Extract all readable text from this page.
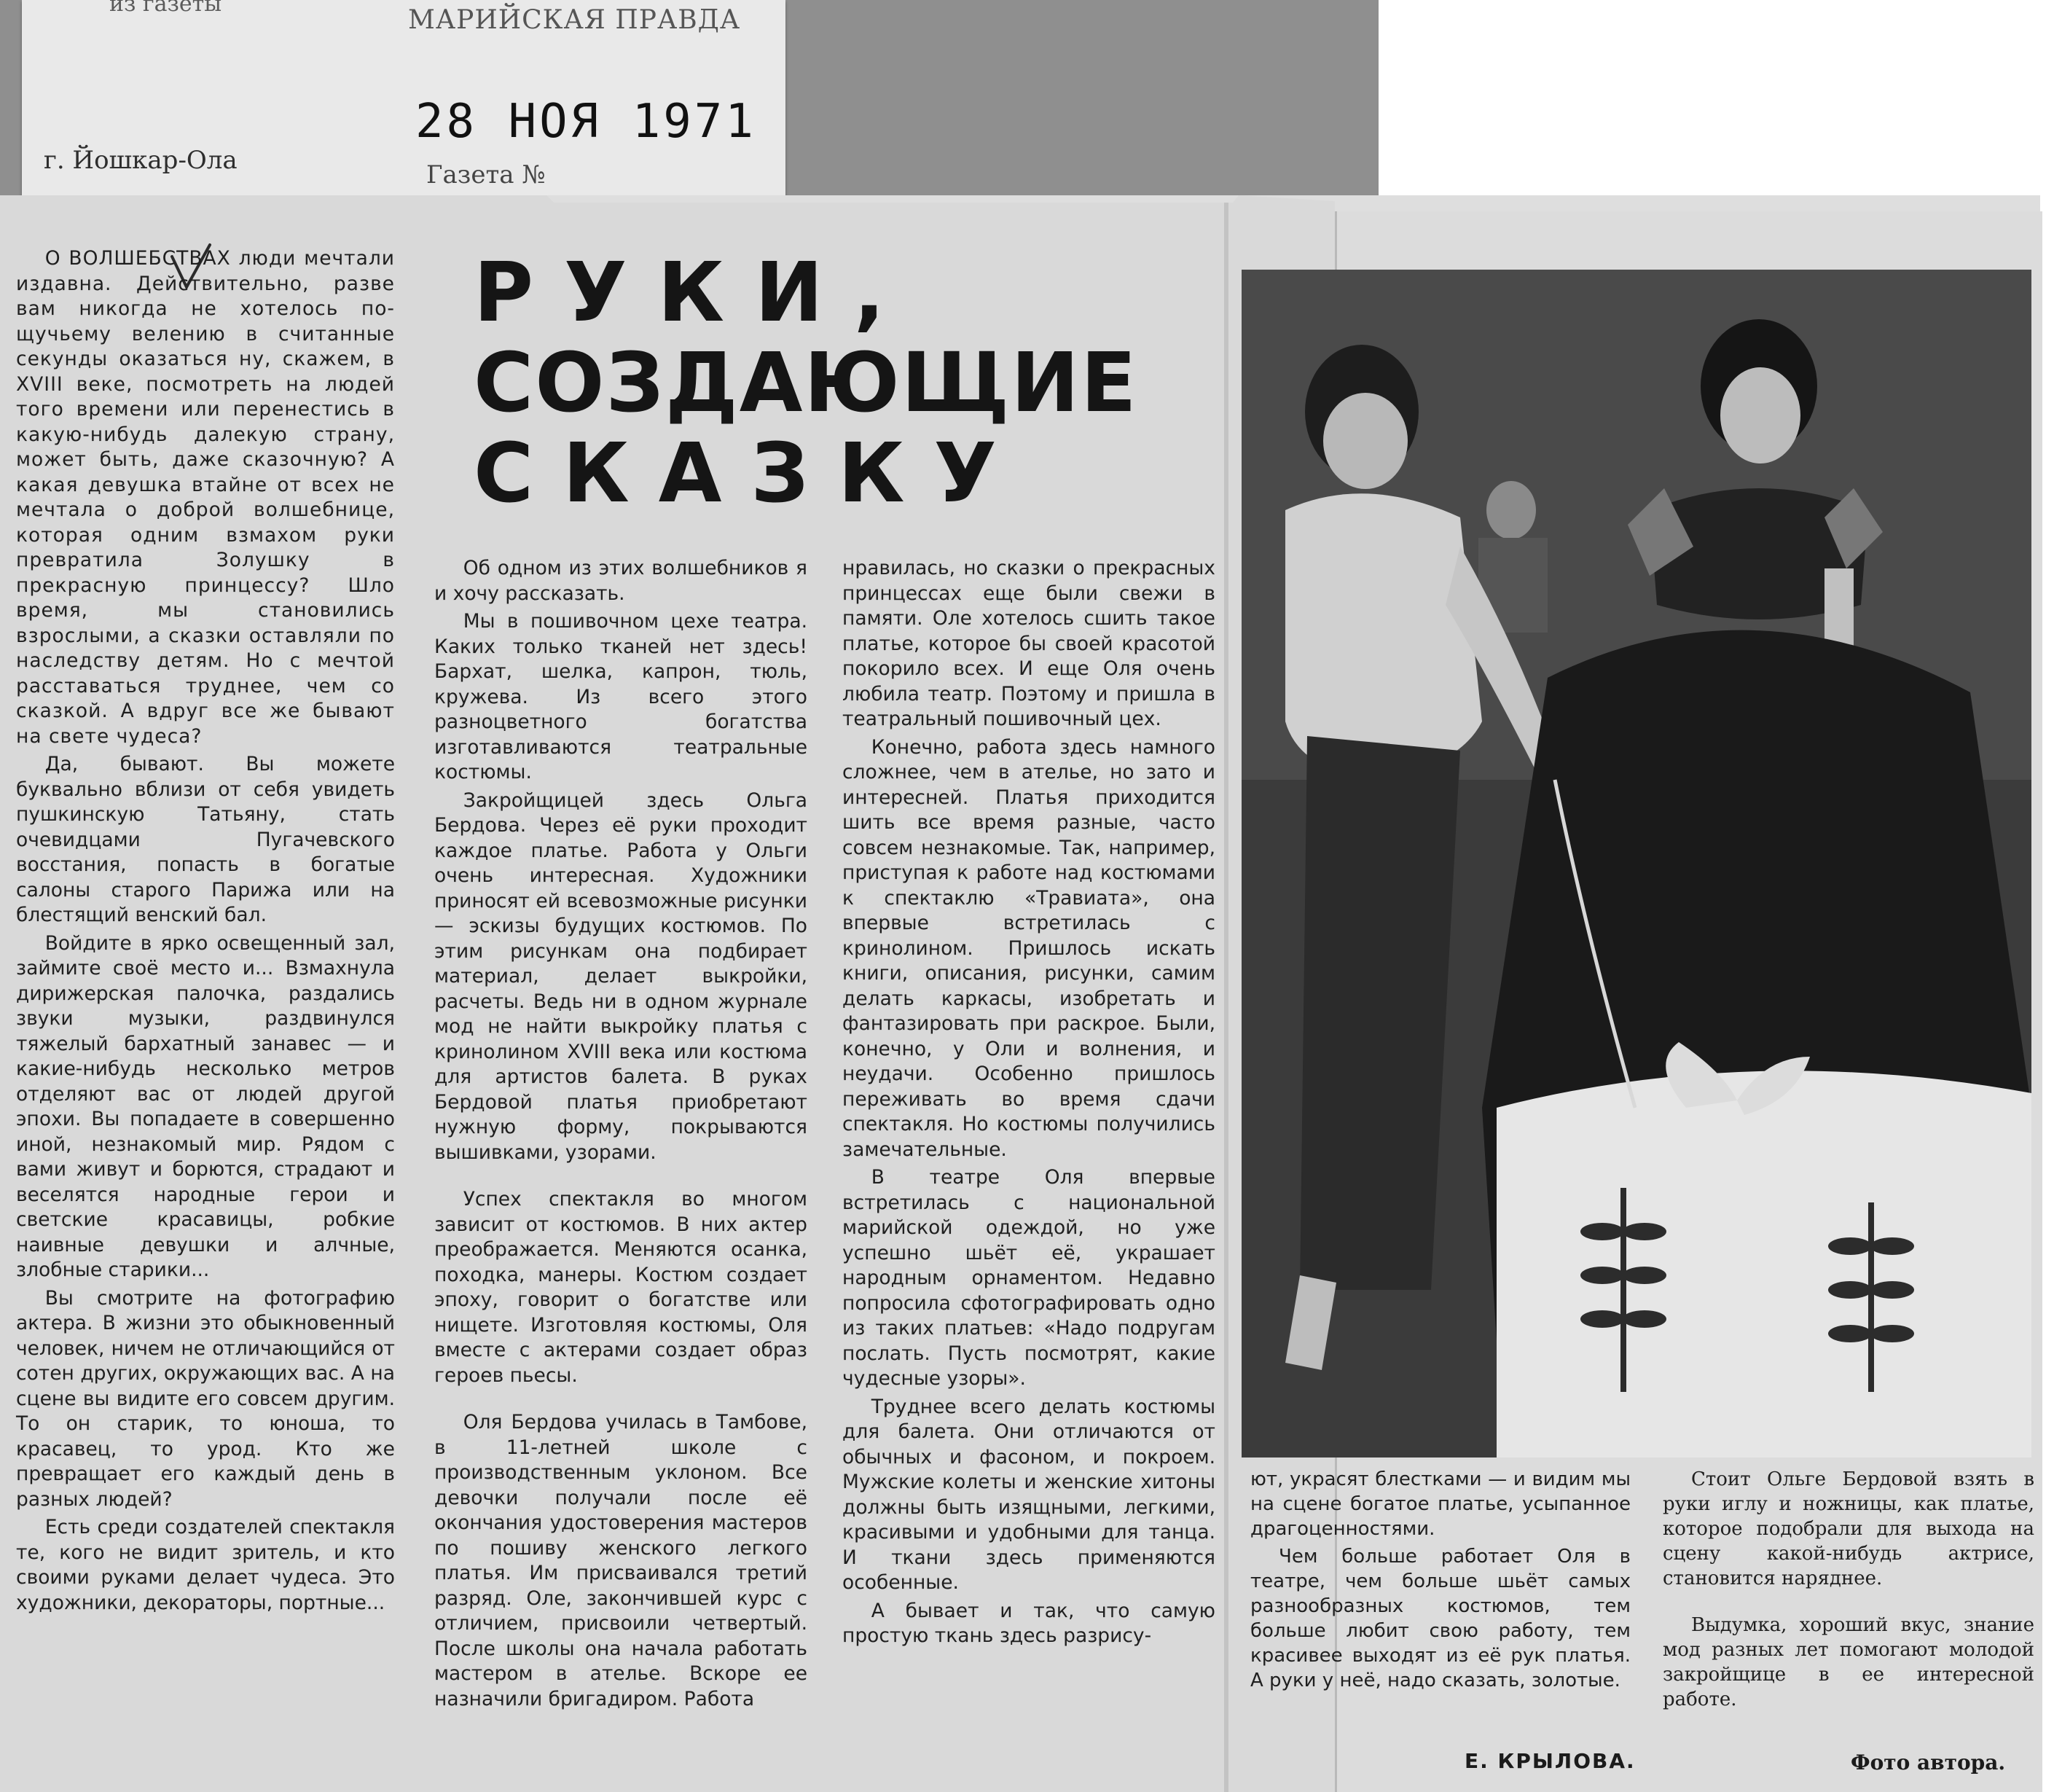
из газеты
МАРИЙСКАЯ ПРАВДА
28 НОЯ 1971
г. Йошкар-Ола	Газета №

О ВОЛШЕБСТВАХ люди мечтали издавна. Действительно, разве вам никогда не хотелось по-щучьему велению в считанные секунды оказаться ну, скажем, в XVIII веке, посмотреть на людей того времени или перенестись в какую-нибудь далекую страну, может быть, даже сказочную? А какая девушка втайне от всех не мечтала о доброй волшебнице, которая одним взмахом руки превратила Золушку в прекрасную принцессу? Шло время, мы становились взрослыми, а сказки оставляли по наследству детям. Но с мечтой расставаться труднее, чем со сказкой. А вдруг все же бывают на свете чудеса?

Да, бывают. Вы можете буквально вблизи от себя увидеть пушкинскую Татьяну, стать очевидцами Пугачевского восстания, попасть в богатые салоны старого Парижа или на блестящий венский бал.

Войдите в ярко освещенный зал, займите своё место и... Взмахнула дирижерская палочка, раздались звуки музыки, раздвинулся тяжелый бархатный занавес — и какие-нибудь несколько метров отделяют вас от людей другой эпохи. Вы попадаете в совершенно иной, незнакомый мир. Рядом с вами живут и борются, страдают и веселятся народные герои и светские красавицы, робкие наивные девушки и алчные, злобные старики...

Вы смотрите на фотографию актера. В жизни это обыкновенный человек, ничем не отличающийся от сотен других, окружающих вас. А на сцене вы видите его совсем другим. То он старик, то юноша, то красавец, то урод. Кто же превращает его каждый день в разных людей?

Есть среди создателей спектакля те, кого не видит зритель, и кто своими руками делает чудеса. Это художники, декораторы, портные...

РУКИ,
СОЗДАЮЩИЕ
СКАЗКУ

Об одном из этих волшебников я и хочу рассказать.

Мы в пошивочном цехе театра. Каких только тканей нет здесь! Бархат, шелка, капрон, тюль, кружева. Из всего этого разноцветного богатства изготавливаются театральные костюмы.

Закройщицей здесь Ольга Бердова. Через её руки проходит каждое платье. Работа у Ольги очень интересная. Художники приносят ей всевозможные рисунки — эскизы будущих костюмов. По этим рисункам она подбирает материал, делает выкройки, расчеты. Ведь ни в одном журнале мод не найти выкройку платья с кринолином XVIII века или костюма для артистов балета. В руках Бердовой платья приобретают нужную форму, покрываются вышивками, узорами.

Успех спектакля во многом зависит от костюмов. В них актер преображается. Меняются осанка, походка, манеры. Костюм создает эпоху, говорит о богатстве или нищете. Изготовляя костюмы, Оля вместе с актерами создает образ героев пьесы.

Оля Бердова училась в Тамбове, в 11-летней школе с производственным уклоном. Все девочки получали после её окончания удостоверения мастеров по пошиву женского легкого платья. Им присваивался третий разряд. Оле, закончившей курс с отличием, присвоили четвертый. После школы она начала работать мастером в ателье. Вскоре ее назначили бригадиром. Работа

нравилась, но сказки о прекрасных принцессах еще были свежи в памяти. Оле хотелось сшить такое платье, которое бы своей красотой покорило всех. И еще Оля очень любила театр. Поэтому и пришла в театральный пошивочный цех.

Конечно, работа здесь намного сложнее, чем в ателье, но зато и интересней. Платья приходится шить все время разные, часто совсем незнакомые. Так, например, приступая к работе над костюмами к спектаклю «Травиата», она впервые встретилась с кринолином. Пришлось искать книги, описания, рисунки, самим делать каркасы, изобретать и фантазировать при раскрое. Были, конечно, у Оли и волнения, и неудачи. Особенно пришлось переживать во время сдачи спектакля. Но костюмы получились замечательные.

В театре Оля впервые встретилась с национальной марийской одеждой, но уже успешно шьёт её, украшает народным орнаментом. Недавно попросила сфотографировать одно из таких платьев: «Надо подругам послать. Пусть посмотрят, какие чудесные узоры».

Труднее всего делать костюмы для балета. Они отличаются от обычных и фасоном, и покроем. Мужские колеты и женские хитоны должны быть изящными, легкими, красивыми и удобными для танца. И ткани здесь применяются особенные.

А бывает и так, что самую простую ткань здесь разрису-

ют, украсят блестками — и видим мы на сцене богатое платье, усыпанное драгоценностями.

Чем больше работает Оля в театре, чем больше шьёт самых разнообразных костюмов, тем больше любит свою работу, тем красивее выходят из её рук платья. А руки у неё, надо сказать, золотые.

Стоит Ольге Бердовой взять в руки иглу и ножницы, как платье, которое подобрали для выхода на сцену какой-нибудь актрисе, становится наряднее.

Выдумка, хороший вкус, знание мод разных лет помогают молодой закройщице в ее интересной работе.

Е. КРЫЛОВА.	Фото автора.
